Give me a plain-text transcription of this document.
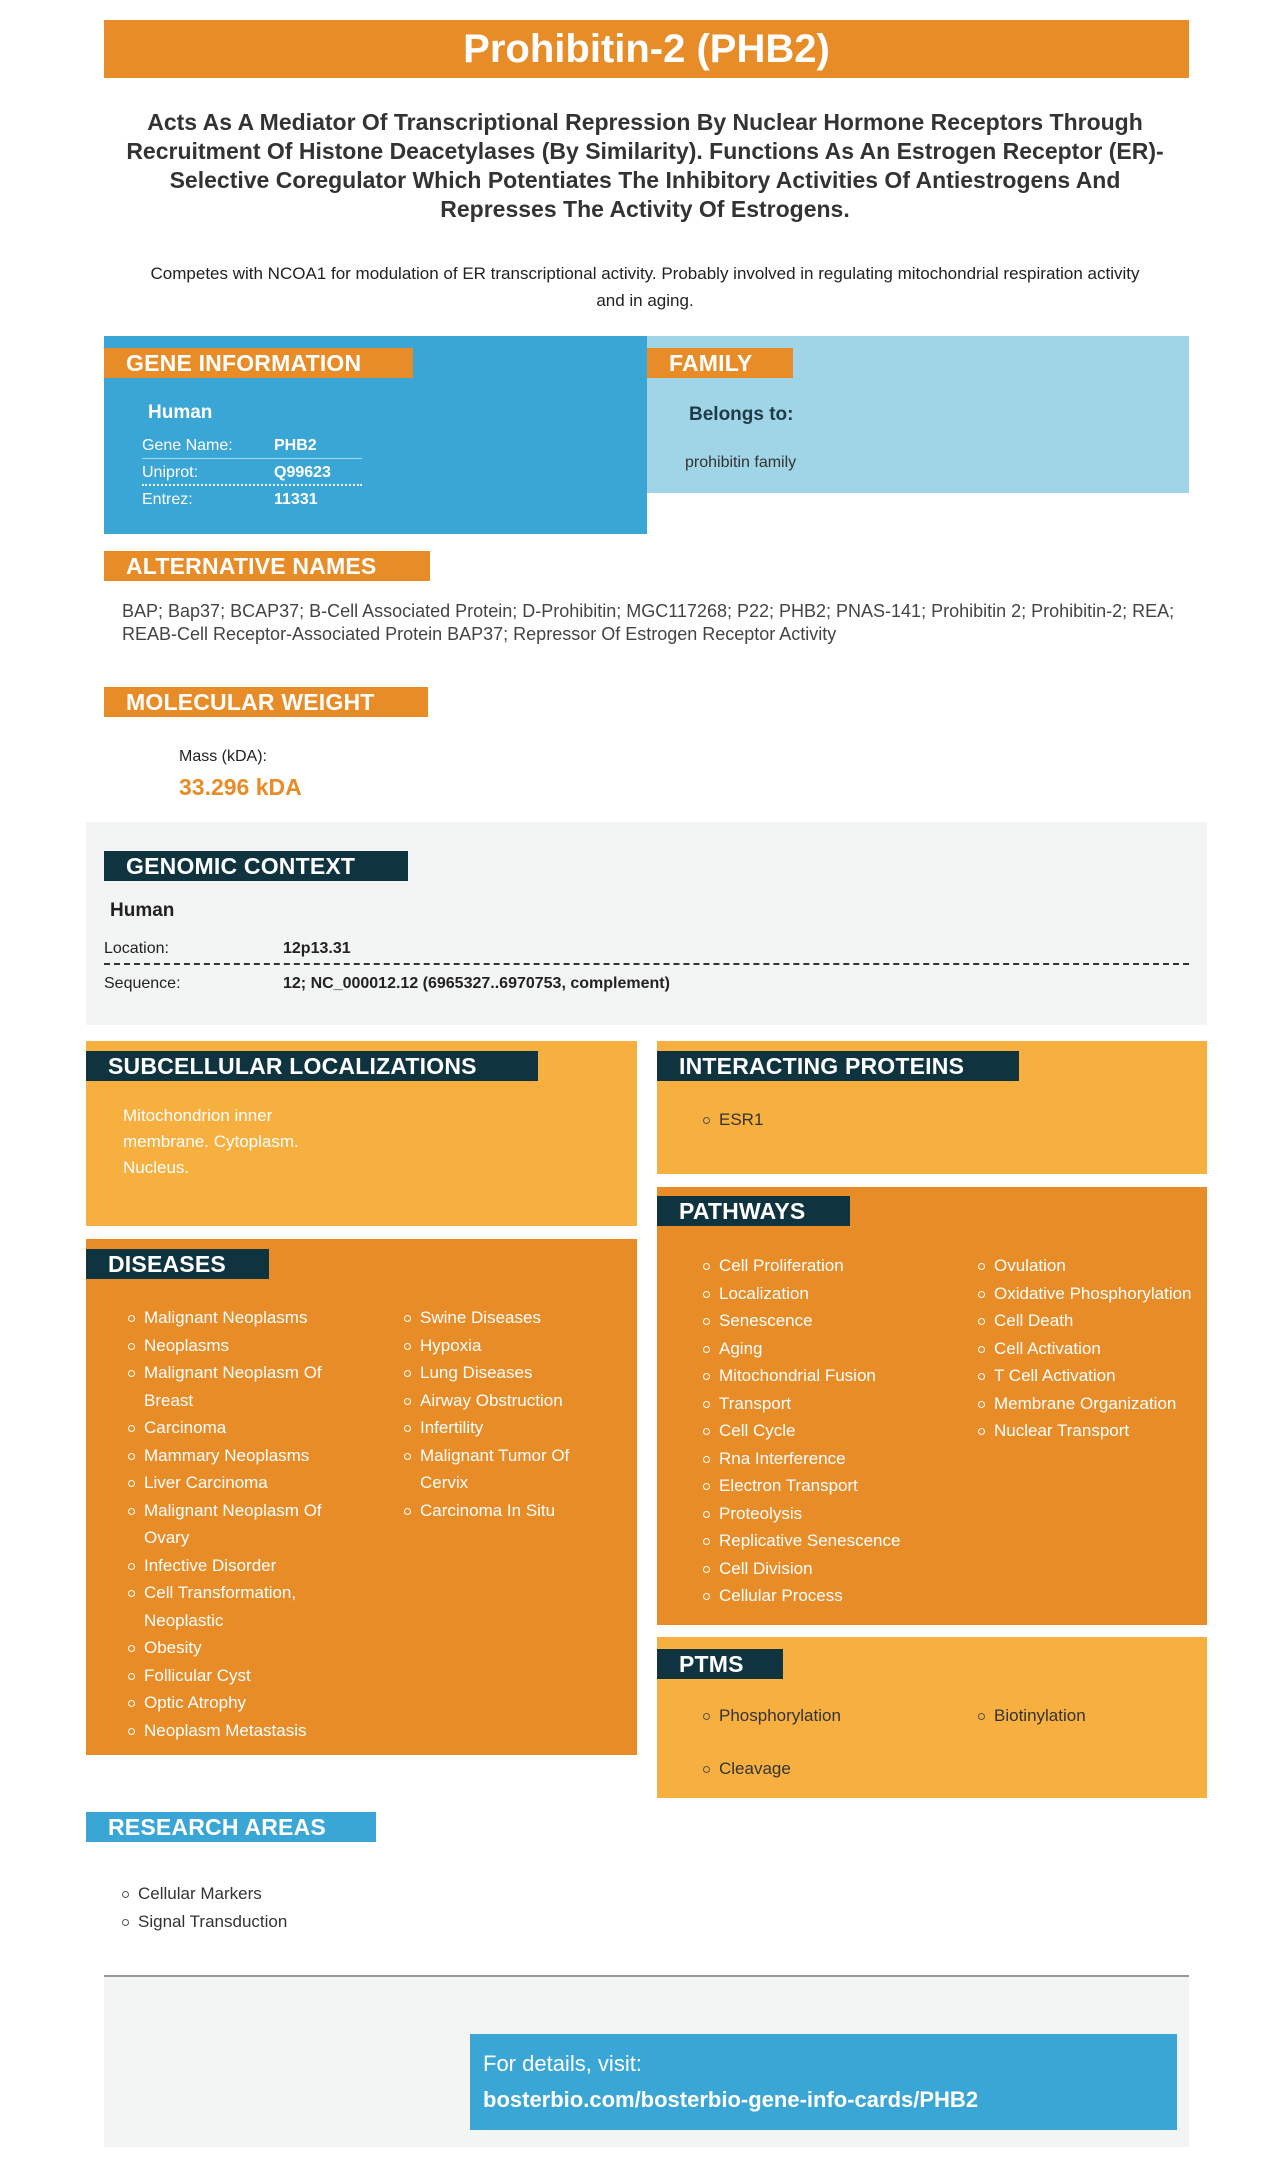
Prohibitin-2 (PHB2)
Acts As A Mediator Of Transcriptional Repression By Nuclear Hormone Receptors Through Recruitment Of Histone Deacetylases (By Similarity). Functions As An Estrogen Receptor (ER)-Selective Coregulator Which Potentiates The Inhibitory Activities Of Antiestrogens And Represses The Activity Of Estrogens.
Competes with NCOA1 for modulation of ER transcriptional activity. Probably involved in regulating mitochondrial respiration activity and in aging.
Human
Gene Name:	PHB2
Uniprot:	Q99623
Entrez:	11331
GENE INFORMATION
Belongs to:
prohibitin family
FAMILY
ALTERNATIVE NAMES
BAP; Bap37; BCAP37; B-Cell Associated Protein; D-Prohibitin; MGC117268; P22; PHB2; PNAS-141; Prohibitin 2; Prohibitin-2; REA; REAB-Cell Receptor-Associated Protein BAP37; Repressor Of Estrogen Receptor Activity
MOLECULAR WEIGHT
Mass (kDA):
33.296 kDA
Human
Location:	12p13.31
Sequence:	12; NC_000012.12 (6965327..6970753, complement)
GENOMIC CONTEXT
Mitochondrion inner membrane. Cytoplasm. Nucleus.
SUBCELLULAR LOCALIZATIONS
ESR1
INTERACTING PROTEINS
Cell Proliferation
Localization
Senescence
Aging
Mitochondrial Fusion
Transport
Cell Cycle
Rna Interference
Electron Transport
Proteolysis
Replicative Senescence
Cell Division
Cellular Process
Ovulation
Oxidative Phosphorylation
Cell Death
Cell Activation
T Cell Activation
Membrane Organization
Nuclear Transport
PATHWAYS
Malignant Neoplasms
Neoplasms
Malignant Neoplasm Of Breast
Carcinoma
Mammary Neoplasms
Liver Carcinoma
Malignant Neoplasm Of Ovary
Infective Disorder
Cell Transformation, Neoplastic
Obesity
Follicular Cyst
Optic Atrophy
Neoplasm Metastasis
Swine Diseases
Hypoxia
Lung Diseases
Airway Obstruction
Infertility
Malignant Tumor Of Cervix
Carcinoma In Situ
DISEASES
Phosphorylation
Cleavage
Biotinylation
PTMS
RESEARCH AREAS
Cellular Markers
Signal Transduction
For details, visit:
bosterbio.com/bosterbio-gene-info-cards/PHB2
